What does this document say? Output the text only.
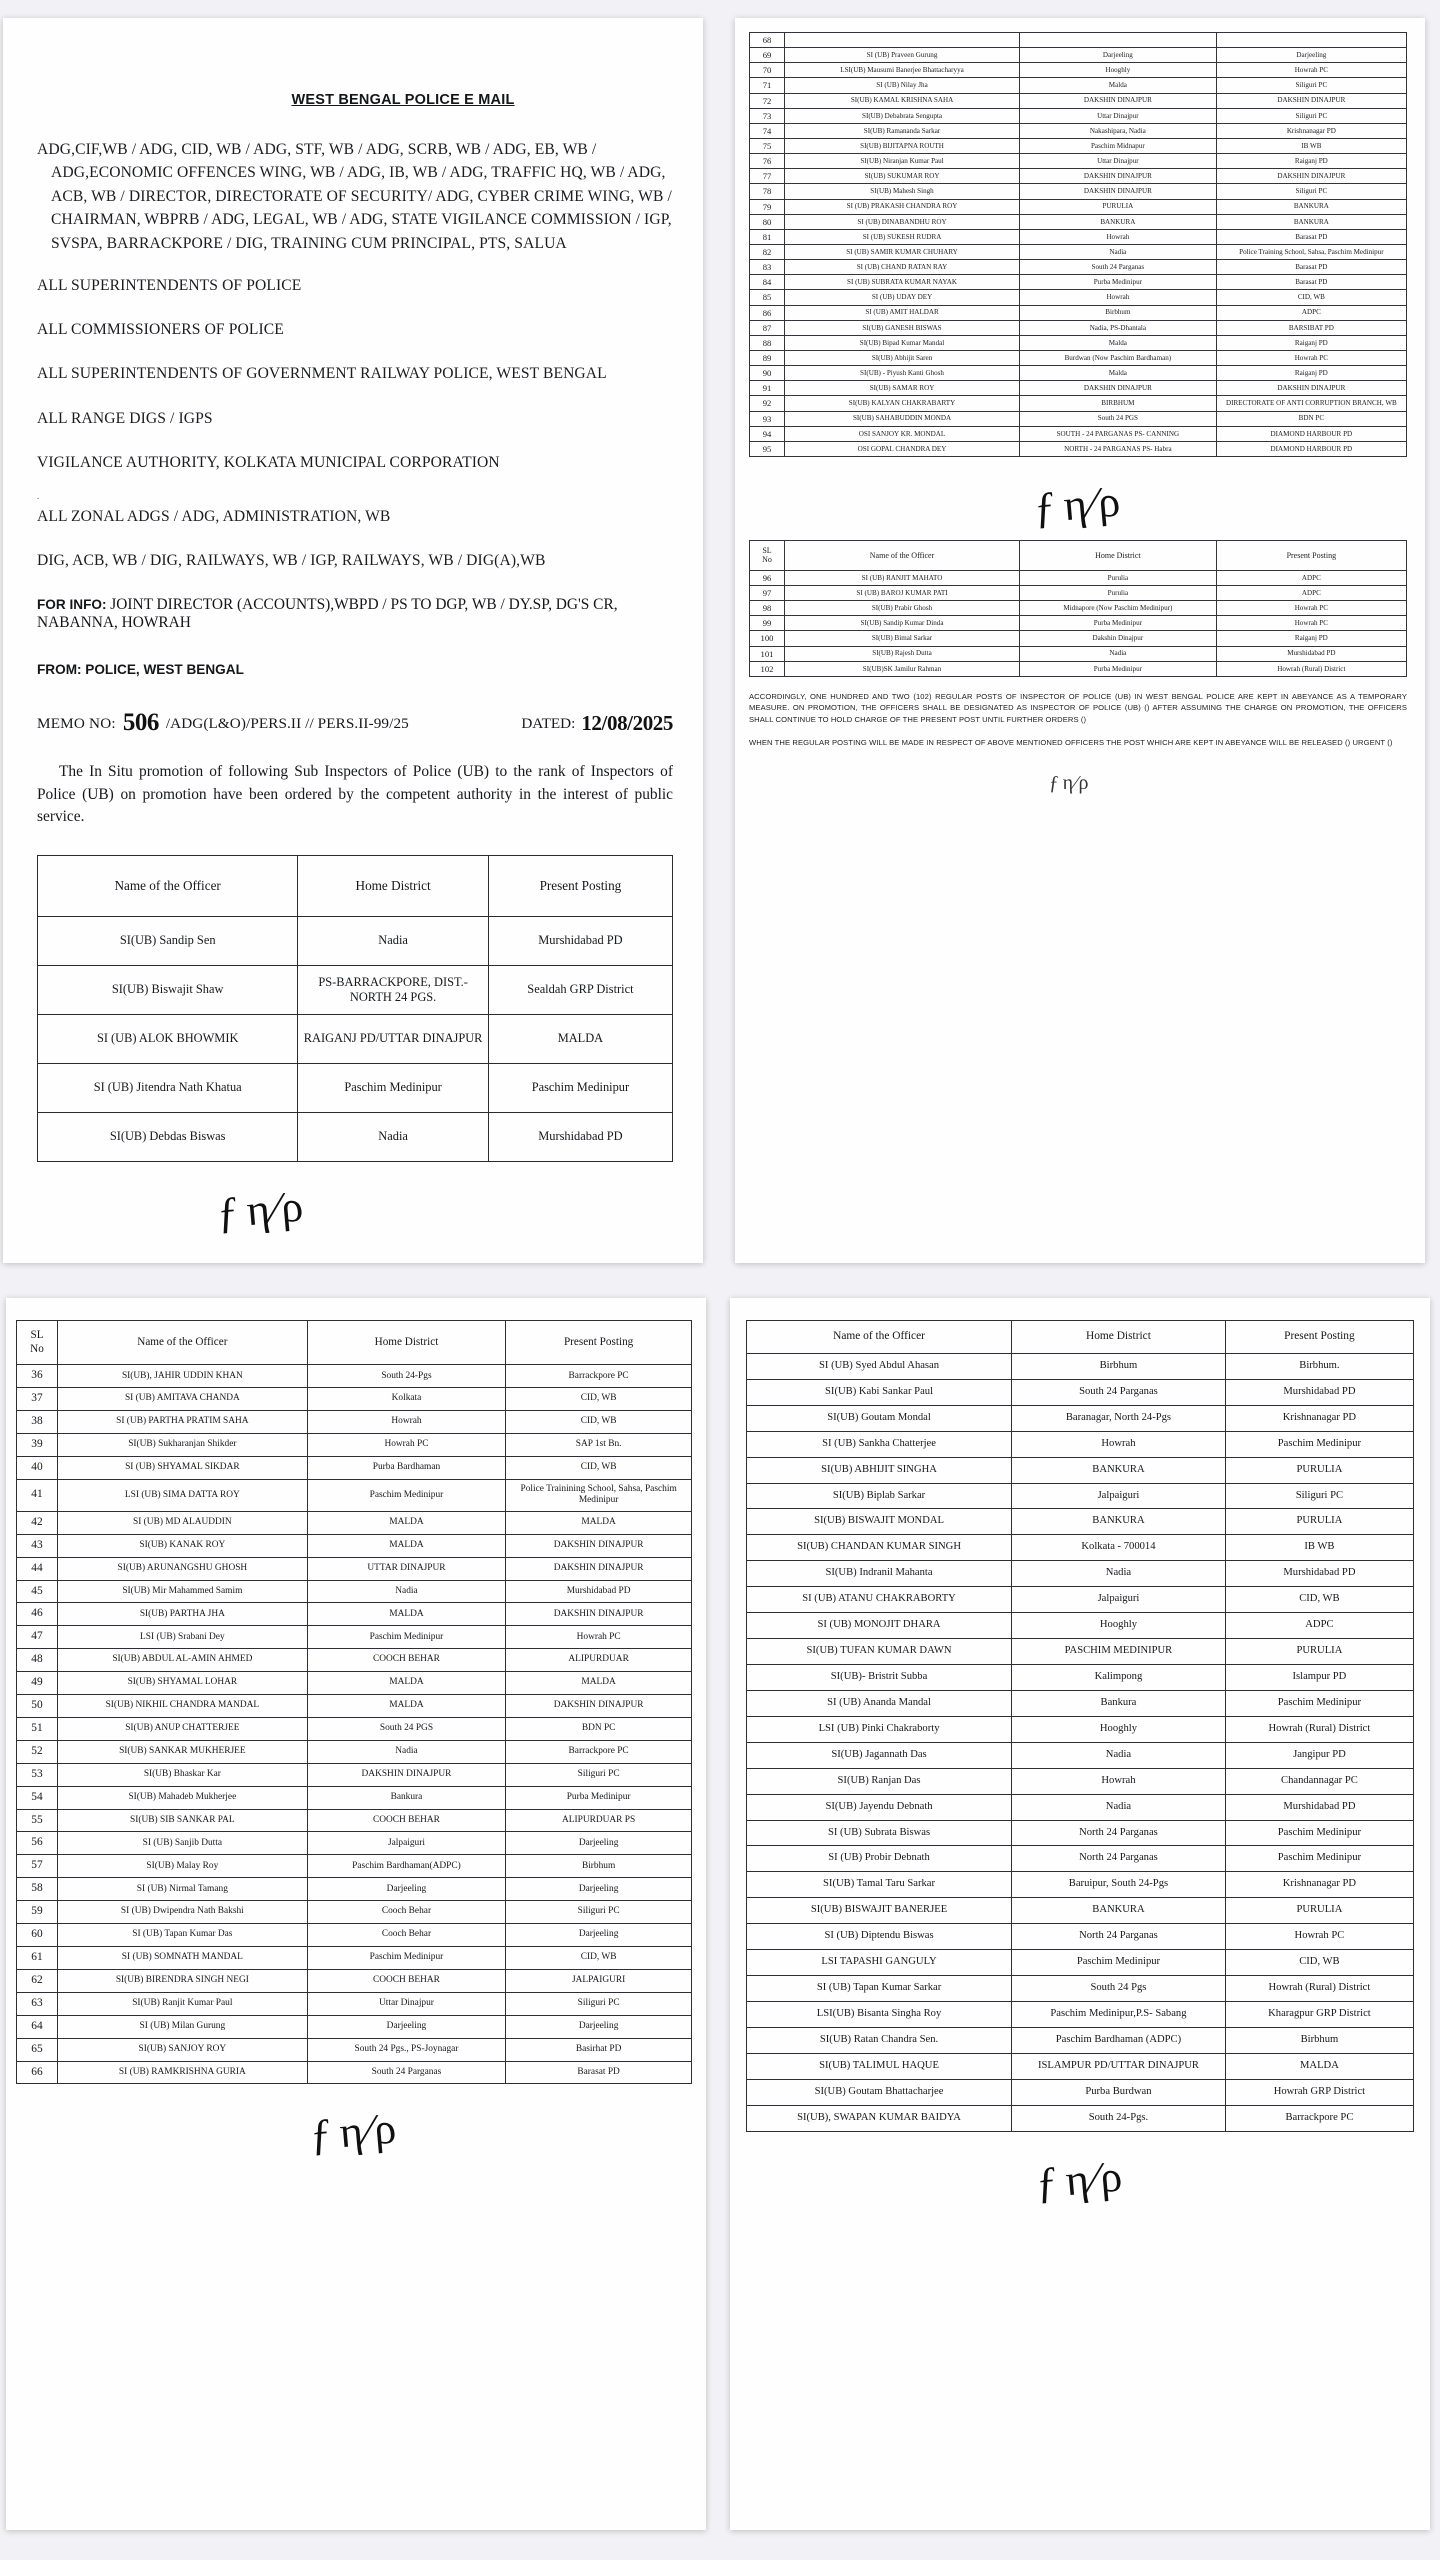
WEST BENGAL POLICE E MAIL
ADG,CIF,WB / ADG, CID, WB / ADG, STF, WB / ADG, SCRB, WB / ADG, EB, WB / ADG,ECONOMIC OFFENCES WING, WB / ADG, IB, WB / ADG, TRAFFIC HQ, WB / ADG, ACB, WB / DIRECTOR, DIRECTORATE OF SECURITY/ ADG, CYBER CRIME WING, WB / CHAIRMAN, WBPRB / ADG, LEGAL, WB / ADG, STATE VIGILANCE COMMISSION / IGP, SVSPA, BARRACKPORE / DIG, TRAINING CUM PRINCIPAL, PTS, SALUA
ALL SUPERINTENDENTS OF POLICE
ALL COMMISSIONERS OF POLICE
ALL SUPERINTENDENTS OF GOVERNMENT RAILWAY POLICE, WEST BENGAL
ALL RANGE DIGS / IGPS
VIGILANCE AUTHORITY, KOLKATA MUNICIPAL CORPORATION
.
ALL ZONAL ADGS / ADG, ADMINISTRATION, WB
DIG, ACB, WB / DIG, RAILWAYS, WB / IGP, RAILWAYS, WB / DIG(A),WB
FOR INFO: JOINT DIRECTOR (ACCOUNTS),WBPD / PS TO DGP, WB / DY.SP, DG'S CR, NABANNA, HOWRAH
FROM: POLICE, WEST BENGAL
MEMO NO: 506 /ADG(L&O)/PERS.II // PERS.II-99/25	DATED: 12/08/2025
The In Situ promotion of following Sub Inspectors of Police (UB) to the rank of Inspectors of Police (UB) on promotion have been ordered by the competent authority in the interest of public service.
Name of the Officer	Home District	Present Posting
SI(UB) Sandip Sen	Nadia	Murshidabad PD
SI(UB) Biswajit Shaw	PS-BARRACKPORE, DIST.-NORTH 24 PGS.	Sealdah GRP District
SI (UB) ALOK BHOWMIK	RAIGANJ PD/UTTAR DINAJPUR	MALDA
SI (UB) Jitendra Nath Khatua	Paschim Medinipur	Paschim Medinipur
SI(UB) Debdas Biswas	Nadia	Murshidabad PD
ƒ η⁄ρ
68			
69	SI (UB) Praveen Gurung	Darjeeling	Darjeeling
70	LSI(UB) Mausumi Banerjee Bhattacharyya	Hooghly	Howrah PC
71	SI (UB) Nilay Jha	Malda	Siliguri PC
72	SI(UB) KAMAL KRISHNA SAHA	DAKSHIN DINAJPUR	DAKSHIN DINAJPUR
73	SI(UB) Debabrata Sengupta	Uttar Dinajpur	Siliguri PC
74	SI(UB) Ramananda Sarkar	Nakashipara, Nadia	Krishnanagar PD
75	SI(UB) BIJITAPNA ROUTH	Paschim Midnapur	IB WB
76	SI(UB) Niranjan Kumar Paul	Uttar Dinajpur	Raiganj PD
77	SI(UB) SUKUMAR ROY	DAKSHIN DINAJPUR	DAKSHIN DINAJPUR
78	SI(UB) Mahesh Singh	DAKSHIN DINAJPUR	Siliguri PC
79	SI (UB) PRAKASH CHANDRA ROY	PURULIA	BANKURA
80	SI (UB) DINABANDHU ROY	BANKURA	BANKURA
81	SI (UB) SUKESH RUDRA	Howrah	Barasat PD
82	SI (UB) SAMIR KUMAR CHUHARY	Nadia	Police Training School, Sahsa, Paschim Medinipur
83	SI (UB) CHAND RATAN RAY	South 24 Parganas	Barasat PD
84	SI (UB) SUBRATA KUMAR NAYAK	Purba Medinipur	Barasat PD
85	SI (UB) UDAY DEY	Howrah	CID, WB
86	SI (UB) AMIT HALDAR	Birbhum	ADPC
87	SI(UB) GANESH BISWAS	Nadia, PS-Dhantala	BARSIBAT PD
88	SI(UB) Bipad Kumar Mandal	Malda	Raiganj PD
89	SI(UB) Abhijit Saren	Burdwan (Now Paschim Bardhaman)	Howrah PC
90	SI(UB) - Piyush Kanti Ghosh	Malda	Raiganj PD
91	SI(UB) SAMAR ROY	DAKSHIN DINAJPUR	DAKSHIN DINAJPUR
92	SI(UB) KALYAN CHAKRABARTY	BIRBHUM	DIRECTORATE OF ANTI CORRUPTION BRANCH, WB
93	SI(UB) SAHABUDDIN MONDA	South 24 PGS	BDN PC
94	OSI SANJOY KR. MONDAL	SOUTH - 24 PARGANAS PS- CANNING	DIAMOND HARBOUR PD
95	OSI GOPAL CHANDRA DEY	NORTH - 24 PARGANAS PS- Habra	DIAMOND HARBOUR PD
ƒ η⁄ρ
SL
No	Name of the Officer	Home District	Present Posting
96	SI (UB) RANJIT MAHATO	Purulia	ADPC
97	SI (UB) BAROJ KUMAR PATI	Purulia	ADPC
98	SI(UB) Prabir Ghosh	Midnapore (Now Paschim Medinipur)	Howrah PC
99	SI(UB) Sandip Kumar Dinda	Purba Medinipur	Howrah PC
100	SI(UB) Bimal Sarkar	Dakshin Dinajpur	Raiganj PD
101	SI(UB) Rajesh Dutta	Nadia	Murshidabad PD
102	SI(UB)SK Jamilur Rahman	Purba Medinipur	Howrah (Rural) District
ACCORDINGLY, ONE HUNDRED AND TWO (102) REGULAR POSTS OF INSPECTOR OF POLICE (UB) IN WEST BENGAL POLICE ARE KEPT IN ABEYANCE AS A TEMPORARY MEASURE. ON PROMOTION, THE OFFICERS SHALL BE DESIGNATED AS INSPECTOR OF POLICE (UB) () AFTER ASSUMING THE CHARGE ON PROMOTION, THE OFFICERS SHALL CONTINUE TO HOLD CHARGE OF THE PRESENT POST UNTIL FURTHER ORDERS ()
WHEN THE REGULAR POSTING WILL BE MADE IN RESPECT OF ABOVE MENTIONED OFFICERS THE POST WHICH ARE KEPT IN ABEYANCE WILL BE RELEASED () URGENT ()
ƒ η⁄ρ
SL
No	Name of the Officer	Home District	Present Posting
36	SI(UB), JAHIR UDDIN KHAN	South 24-Pgs	Barrackpore PC
37	SI (UB) AMITAVA CHANDA	Kolkata	CID, WB
38	SI (UB) PARTHA PRATIM SAHA	Howrah	CID, WB
39	SI(UB) Sukharanjan Shikder	Howrah PC	SAP 1st Bn.
40	SI (UB) SHYAMAL SIKDAR	Purba Bardhaman	CID, WB
41	LSI (UB) SIMA DATTA ROY	Paschim Medinipur	Police Trainining School, Sahsa, Paschim Medinipur
42	SI (UB) MD ALAUDDIN	MALDA	MALDA
43	SI(UB) KANAK ROY	MALDA	DAKSHIN DINAJPUR
44	SI(UB) ARUNANGSHU GHOSH	UTTAR DINAJPUR	DAKSHIN DINAJPUR
45	SI(UB) Mir Mahammed Samim	Nadia	Murshidabad PD
46	SI(UB) PARTHA JHA	MALDA	DAKSHIN DINAJPUR
47	LSI (UB) Srabani Dey	Paschim Medinipur	Howrah PC
48	SI(UB) ABDUL AL-AMIN AHMED	COOCH BEHAR	ALIPURDUAR
49	SI(UB) SHYAMAL LOHAR	MALDA	MALDA
50	SI(UB) NIKHIL CHANDRA MANDAL	MALDA	DAKSHIN DINAJPUR
51	SI(UB) ANUP CHATTERJEE	South 24 PGS	BDN PC
52	SI(UB) SANKAR MUKHERJEE	Nadia	Barrackpore PC
53	SI(UB) Bhaskar Kar	DAKSHIN DINAJPUR	Siliguri PC
54	SI(UB) Mahadeb Mukherjee	Bankura	Purba Medinipur
55	SI(UB) SIB SANKAR PAL	COOCH BEHAR	ALIPURDUAR PS
56	SI (UB) Sanjib Dutta	Jalpaiguri	Darjeeling
57	SI(UB) Malay Roy	Paschim Bardhaman(ADPC)	Birbhum
58	SI (UB) Nirmal Tamang	Darjeeling	Darjeeling
59	SI (UB) Dwipendra Nath Bakshi	Cooch Behar	Siliguri PC
60	SI (UB) Tapan Kumar Das	Cooch Behar	Darjeeling
61	SI (UB) SOMNATH MANDAL	Paschim Medinipur	CID, WB
62	SI(UB) BIRENDRA SINGH NEGI	COOCH BEHAR	JALPAIGURI
63	SI(UB) Ranjit Kumar Paul	Uttar Dinajpur	Siliguri PC
64	SI (UB) Milan Gurung	Darjeeling	Darjeeling
65	SI(UB) SANJOY ROY	South 24 Pgs., PS-Joynagar	Basirhat PD
66	SI (UB) RAMKRISHNA GURIA	South 24 Parganas	Barasat PD
ƒ η⁄ρ
Name of the Officer	Home District	Present Posting
SI (UB) Syed Abdul Ahasan	Birbhum	Birbhum.
SI(UB) Kabi Sankar Paul	South 24 Parganas	Murshidabad PD
SI(UB) Goutam Mondal	Baranagar, North 24-Pgs	Krishnanagar PD
SI (UB) Sankha Chatterjee	Howrah	Paschim Medinipur
SI(UB) ABHIJIT SINGHA	BANKURA	PURULIA
SI(UB) Biplab Sarkar	Jalpaiguri	Siliguri PC
SI(UB) BISWAJIT MONDAL	BANKURA	PURULIA
SI(UB) CHANDAN KUMAR SINGH	Kolkata - 700014	IB WB
SI(UB) Indranil Mahanta	Nadia	Murshidabad PD
SI (UB) ATANU CHAKRABORTY	Jalpaiguri	CID, WB
SI (UB) MONOJIT DHARA	Hooghly	ADPC
SI(UB) TUFAN KUMAR DAWN	PASCHIM MEDINIPUR	PURULIA
SI(UB)- Bristrit Subba	Kalimpong	Islampur PD
SI (UB) Ananda Mandal	Bankura	Paschim Medinipur
LSI (UB) Pinki Chakraborty	Hooghly	Howrah (Rural) District
SI(UB) Jagannath Das	Nadia	Jangipur PD
SI(UB) Ranjan Das	Howrah	Chandannagar PC
SI(UB) Jayendu Debnath	Nadia	Murshidabad PD
SI (UB) Subrata Biswas	North 24 Parganas	Paschim Medinipur
SI (UB) Probir Debnath	North 24 Parganas	Paschim Medinipur
SI(UB) Tamal Taru Sarkar	Baruipur, South 24-Pgs	Krishnanagar PD
SI(UB) BISWAJIT BANERJEE	BANKURA	PURULIA
SI (UB) Diptendu Biswas	North 24 Parganas	Howrah PC
LSI TAPASHI GANGULY	Paschim Medinipur	CID, WB
SI (UB) Tapan Kumar Sarkar	South 24 Pgs	Howrah (Rural) District
LSI(UB) Bisanta Singha Roy	Paschim Medinipur,P.S- Sabang	Kharagpur GRP District
SI(UB) Ratan Chandra Sen.	Paschim Bardhaman (ADPC)	Birbhum
SI(UB) TALIMUL HAQUE	ISLAMPUR PD/UTTAR DINAJPUR	MALDA
SI(UB) Goutam Bhattacharjee	Purba Burdwan	Howrah GRP District
SI(UB), SWAPAN KUMAR BAIDYA	South 24-Pgs.	Barrackpore PC
ƒ η⁄ρ
